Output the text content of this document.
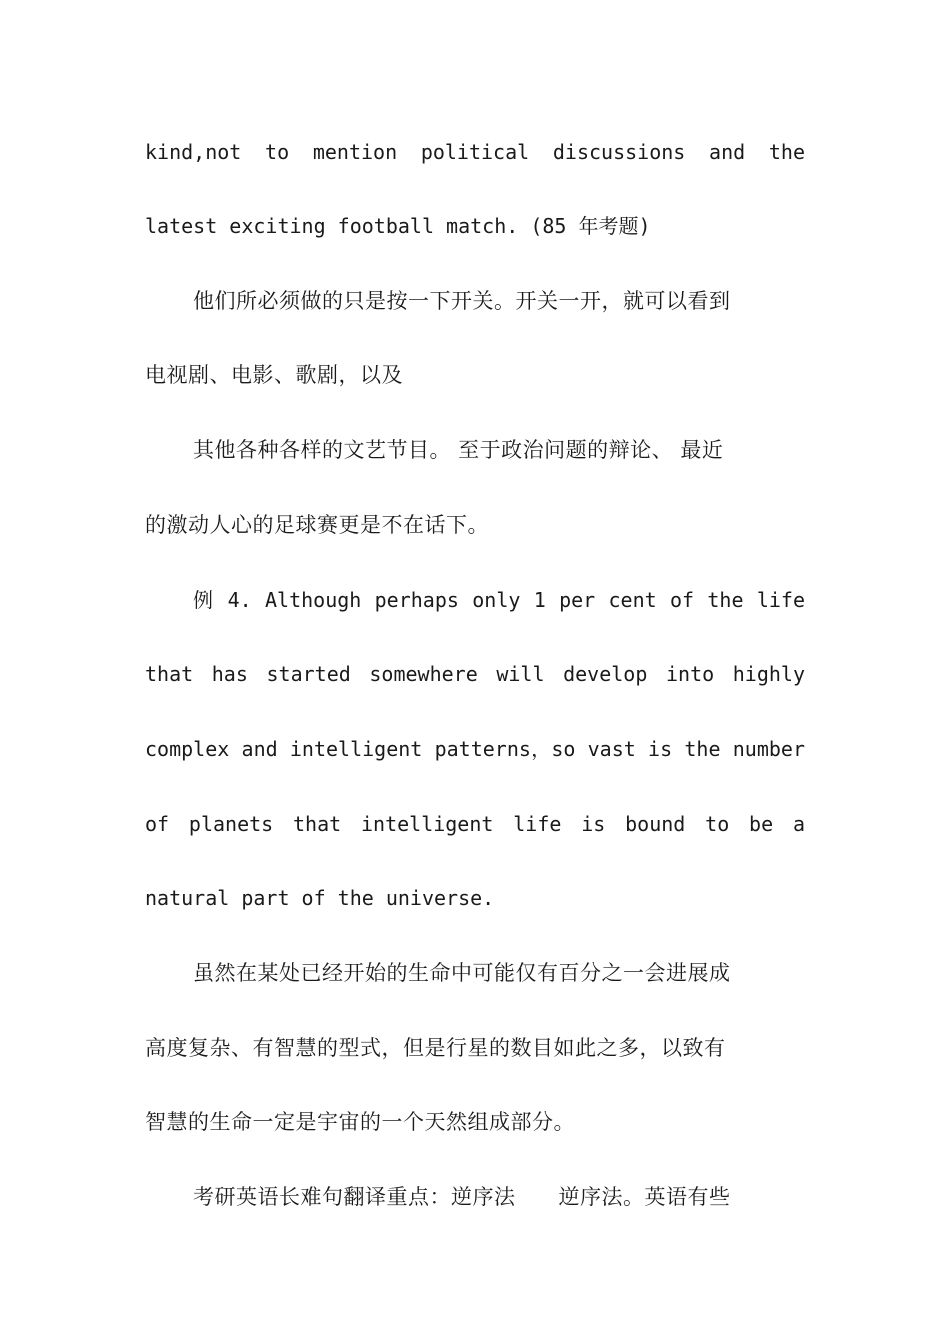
kind,not to mention political discussions and the
latest exciting football match. (85 年考题)
他们所必须做的只是按一下开关。开关一开，就可以看到
电视剧、电影、歌剧，以及
其他各种各样的文艺节目。 至于政治问题的辩论、 最近
的激动人心的足球赛更是不在话下。
例 4. Although perhaps only 1 per cent of the life
that has started somewhere will develop into highly
complex and intelligent patterns，so vast is the number
of planets that intelligent life is bound to be a
natural part of the universe.
虽然在某处已经开始的生命中可能仅有百分之一会进展成
高度复杂、有智慧的型式，但是行星的数目如此之多，以致有
智慧的生命一定是宇宙的一个天然组成部分。
考研英语长难句翻译重点：逆序法　　逆序法。英语有些
